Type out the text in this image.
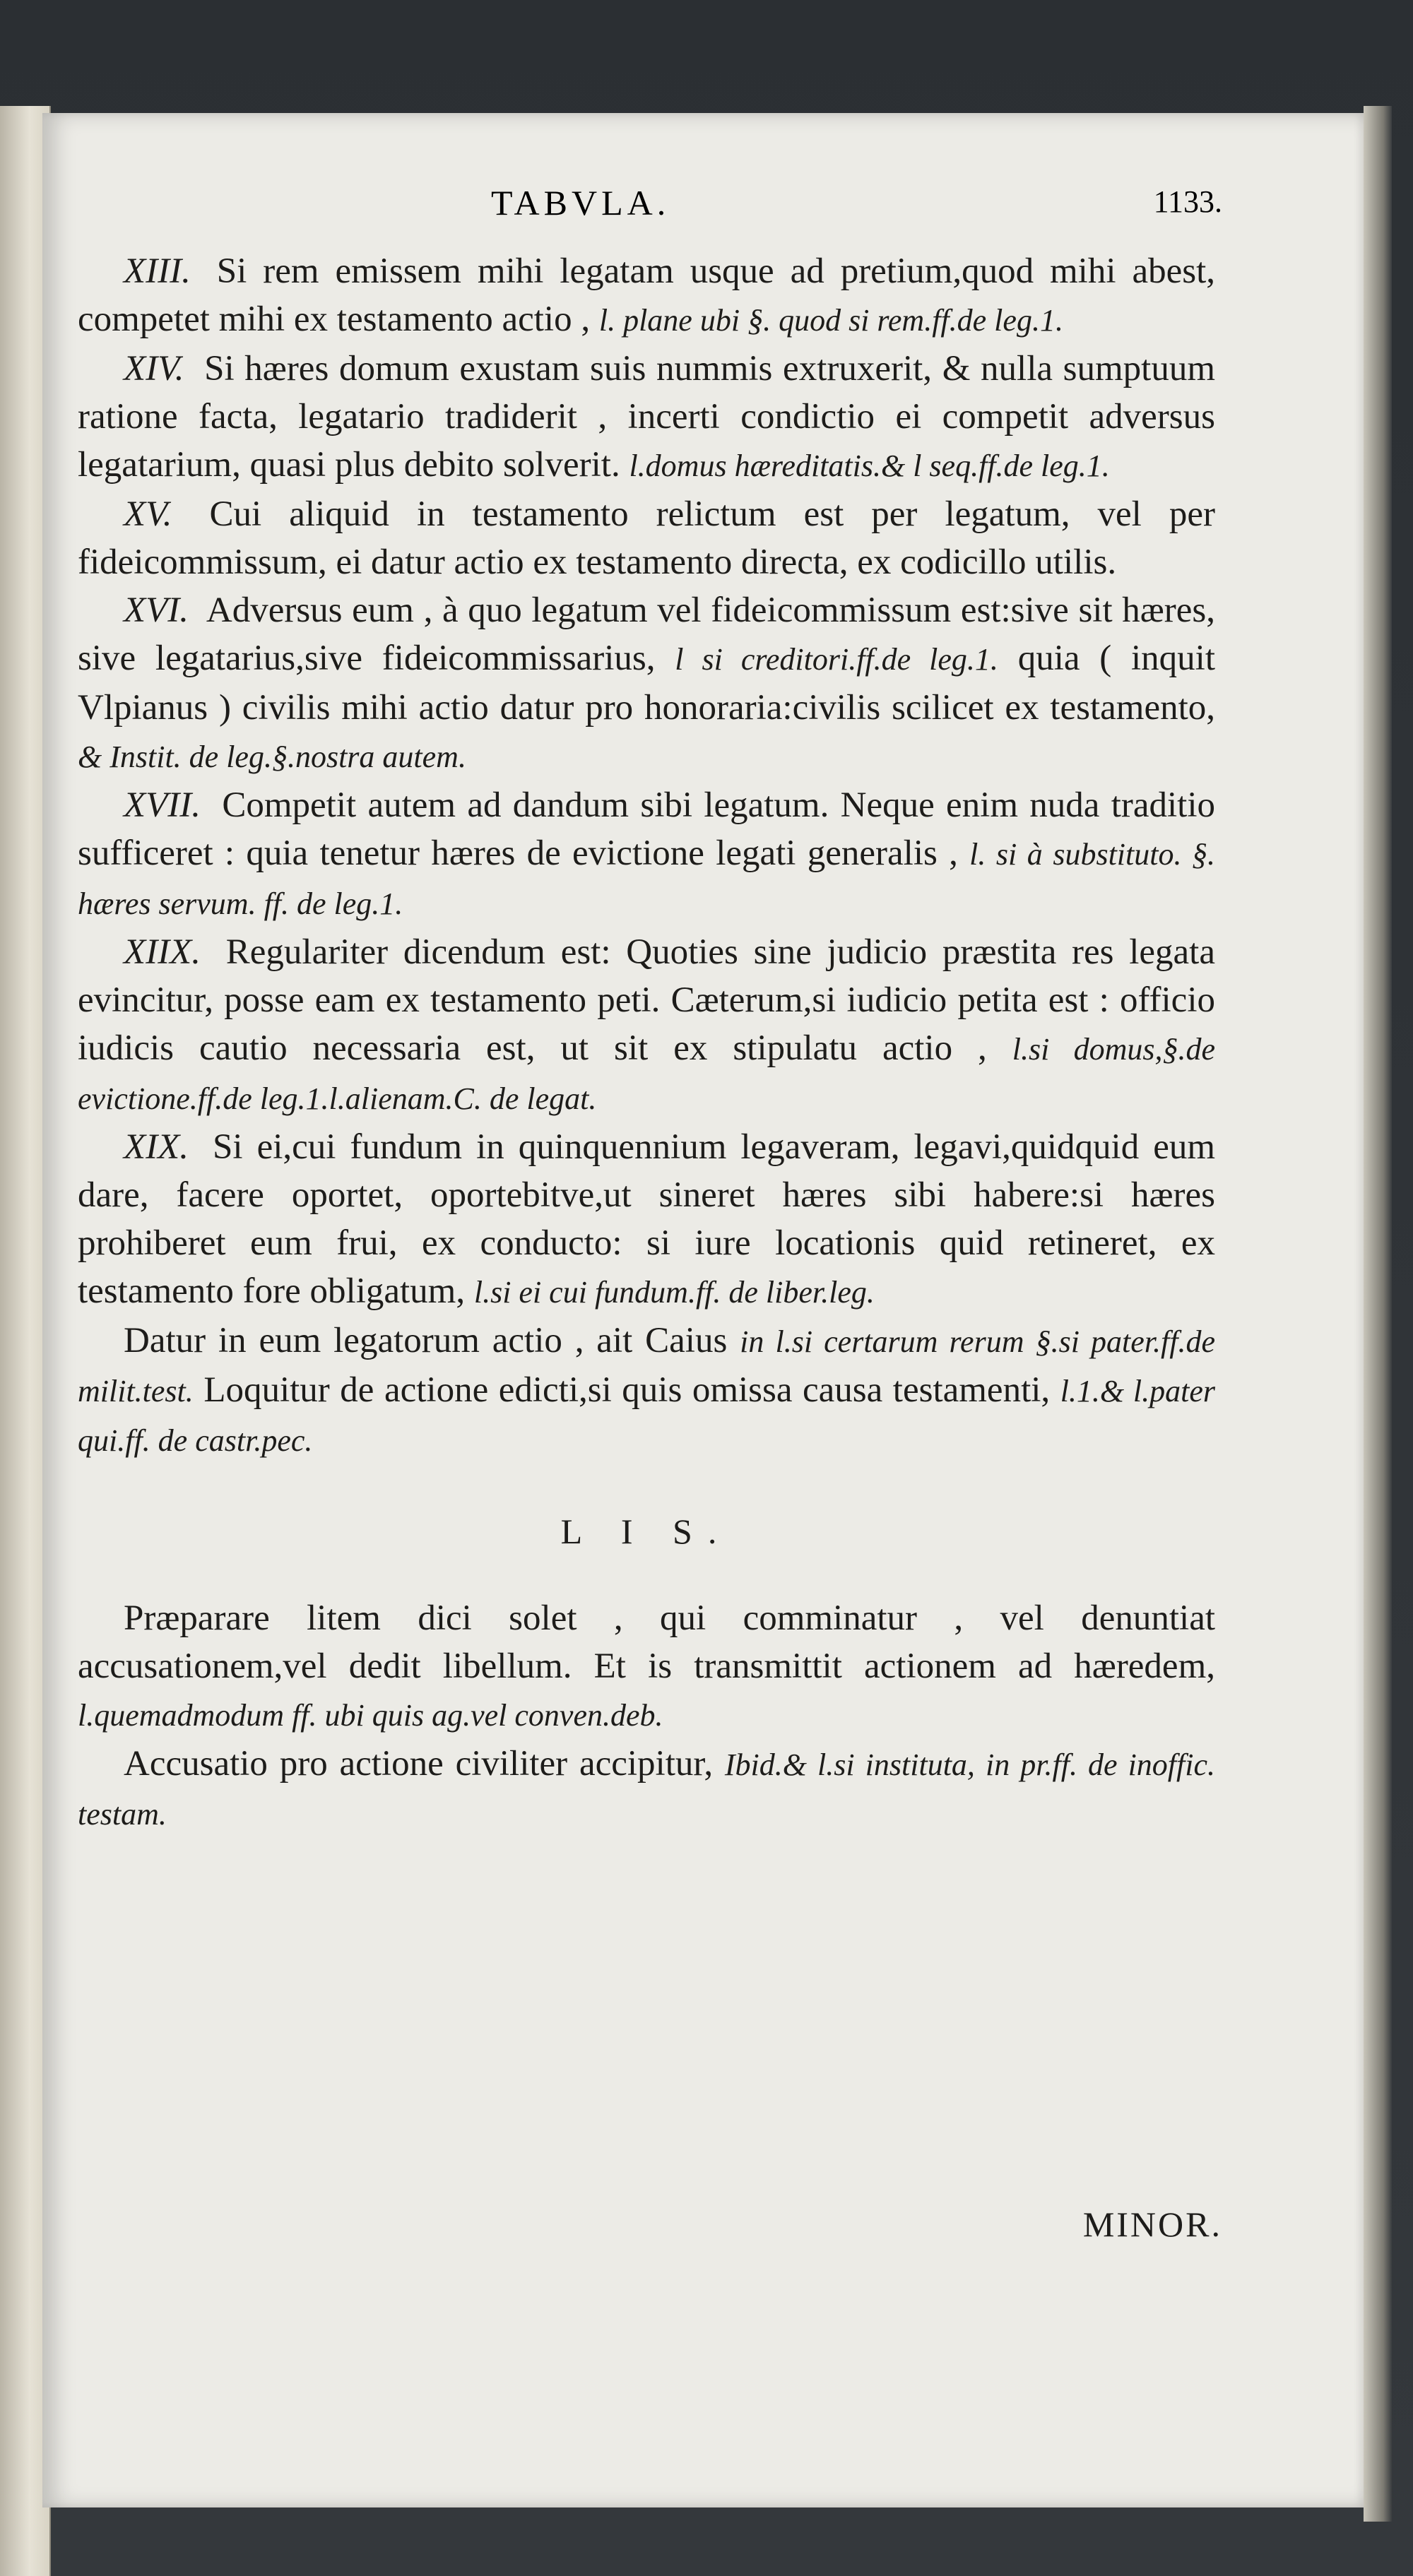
TABVLA.	1133.

XIII. Si rem emissem mihi legatam usque ad pretium,quod mihi abest, competet mihi ex testamento actio , l. plane ubi §. quod si rem.ff.de leg.1.

XIV. Si hæres domum exustam suis nummis extruxerit, & nulla sumptuum ratione facta, legatario tradiderit , incerti condictio ei competit adversus legatarium, quasi plus debito solverit. l.domus hæreditatis.& l seq.ff.de leg.1.

XV. Cui aliquid in testamento relictum est per legatum, vel per fideicommissum, ei datur actio ex testamento directa, ex codicillo utilis.

XVI. Adversus eum , à quo legatum vel fideicommissum est:sive sit hæres, sive legatarius,sive fideicommissarius, l si creditori.ff.de leg.1. quia ( inquit Vlpianus ) civilis mihi actio datur pro honoraria:civilis scilicet ex testamento, & Instit. de leg.§.nostra autem.

XVII. Competit autem ad dandum sibi legatum. Neque enim nuda traditio sufficeret : quia tenetur hæres de evictione legati generalis , l. si à substituto. §. hæres servum. ff. de leg.1.

XIIX. Regulariter dicendum est: Quoties sine judicio præstita res legata evincitur, posse eam ex testamento peti. Cæterum,si iudicio petita est : officio iudicis cautio necessaria est, ut sit ex stipulatu actio , l.si domus,§.de evictione.ff.de leg.1.l.alienam.C. de legat.

XIX. Si ei,cui fundum in quinquennium legaveram, legavi,quidquid eum dare, facere oportet, oportebitve,ut sineret hæres sibi habere:si hæres prohiberet eum frui, ex conducto: si iure locationis quid retineret, ex testamento fore obligatum, l.si ei cui fundum.ff. de liber.leg.

Datur in eum legatorum actio , ait Caius in l.si certarum rerum §.si pater.ff.de milit.test. Loquitur de actione edicti,si quis omissa causa testamenti, l.1.& l.pater qui.ff. de castr.pec.

L I S.

Præparare litem dici solet , qui comminatur , vel denuntiat accusationem,vel dedit libellum. Et is transmittit actionem ad hæredem, l.quemadmodum ff. ubi quis ag.vel conven.deb.

Accusatio pro actione civiliter accipitur, Ibid.& l.si instituta, in pr.ff. de inoffic. testam.

MINOR.
